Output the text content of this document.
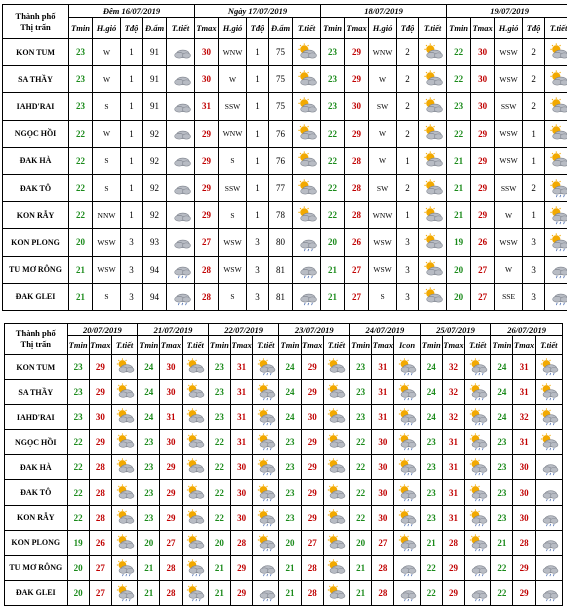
Thành phố
Thị trấn	Đêm 16/07/2019					Ngày 17/07/2019					18/07/2019					19/07/2019				
	Tmin	H.gió	Tđộ	Đ.ẩm	T.tiết	Tmax	H.gió	Tđộ	Đ.ẩm	T.tiết	Tmin	Tmax	H.gió	Tđộ	T.tiết	Tmin	Tmax	H.gió	Tđộ	T.tiết
KON TUM	23	W	1	91		30	WNW	1	75		23	29	WNW	2		22	30	WSW	2	

SA THẦY	23	W	1	91		30	W	1	75		23	29	W	2		22	30	WSW	2	

IAHD'RAI	23	S	1	91		31	SSW	1	75		23	30	SW	2		23	30	SSW	2	

NGỌC HỒI	22	W	1	92		29	WNW	1	76		22	29	W	2		22	29	WSW	1	

ĐAK HÀ	22	S	1	92		29	S	1	76		22	28	W	1		21	29	WSW	1	

ĐAK TÔ	22	S	1	92		29	SSW	1	77		22	28	SW	2		21	29	SSW	2	

KON RẪY	22	NNW	1	92		29	S	1	78		22	28	WNW	1		21	29	W	1	

KON PLONG	20	WSW	3	93		27	WSW	3	80		20	26	WSW	3		19	26	WSW	3	

TU MƠ RÔNG	21	WSW	3	94		28	WSW	3	81		21	27	WSW	3		20	27	W	3	

ĐAK GLEI	21	S	3	94		28	S	3	81		21	27	S	3		20	27	SSE	3	
Thành phố
Thị trấn	20/07/2019			21/07/2019			22/07/2019			23/07/2019			24/07/2019			25/07/2019			26/07/2019		
	Tmin	Tmax	T.tiết	Tmin	Tmax	T.tiết	Tmin	Tmax	T.tiết	Tmin	Tmax	T.tiết	Tmin	Tmax	Icon	Tmin	Tmax	T.tiết	Tmin	Tmax	T.tiết
KON TUM	23	29		24	30		23	31		24	29		23	31		24	32		24	31	

SA THẦY	23	29		24	30		23	31		24	29		23	31		24	32		24	31	

IAHD'RAI	23	30		24	31		23	31		24	30		23	31		24	32		24	32	

NGỌC HỒI	22	29		23	30		22	31		23	29		22	30		23	31		23	31	

ĐAK HÀ	22	28		23	29		22	30		23	29		22	30		23	31		23	30	

ĐAK TÔ	22	28		23	29		22	30		23	29		22	30		23	31		23	30	

KON RẪY	22	28		23	29		22	30		23	29		22	30		23	31		23	30	

KON PLONG	19	26		20	27		20	28		20	27		20	27		21	28		21	28	

TU MƠ RÔNG	20	27		21	28		21	29		21	28		21	28		22	29		22	29	

ĐAK GLEI	20	27		21	28		21	29		21	28		21	28		22	29		22	29	
